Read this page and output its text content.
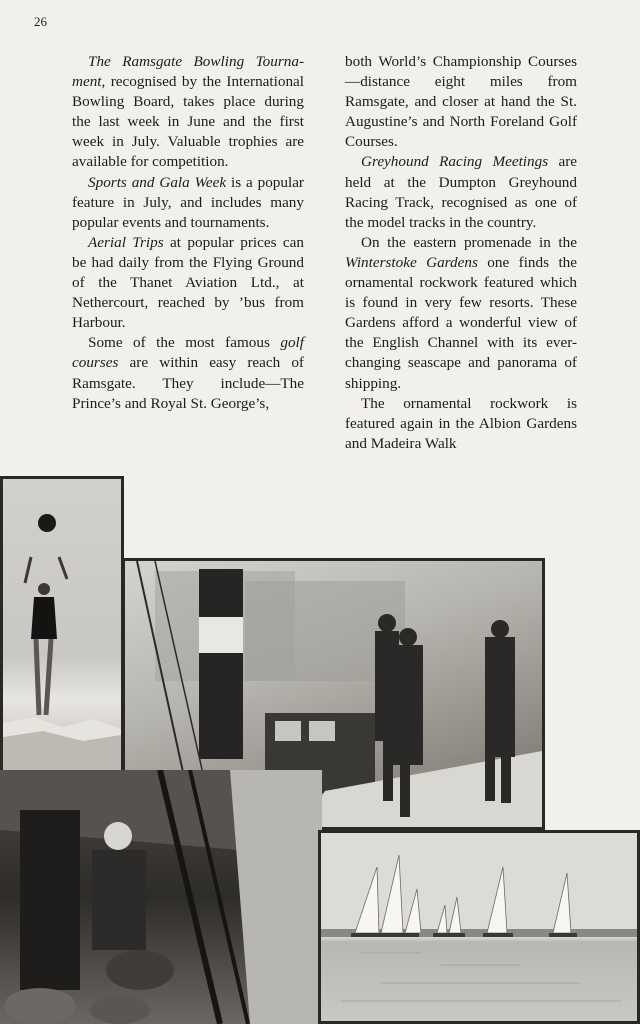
26

The Ramsgate Bowling Tournament, recognised by the International Bowling Board, takes place during the last week in June and the first week in July. Valuable trophies are available for competition.

Sports and Gala Week is a popular feature in July, and includes many popular events and tournaments.

Aerial Trips at popular prices can be had daily from the Flying Ground of the Thanet Aviation Ltd., at Nethercourt, reached by ’bus from Harbour.

Some of the most famous golf courses are within easy reach of Ramsgate. They include—The Prince’s and Royal St. George’s,

both World’s Championship Courses—distance eight miles from Ramsgate, and closer at hand the St. Augustine’s and North Foreland Golf Courses.

Greyhound Racing Meetings are held at the Dumpton Greyhound Racing Track, recognised as one of the model tracks in the country.

On the eastern promenade in the Winterstoke Gardens one finds the ornamental rockwork featured which is found in very few resorts. These Gardens afford a wonderful view of the English Channel with its ever-changing seascape and panorama of shipping.

The ornamental rockwork is featured again in the Albion Gardens and Madeira Walk
